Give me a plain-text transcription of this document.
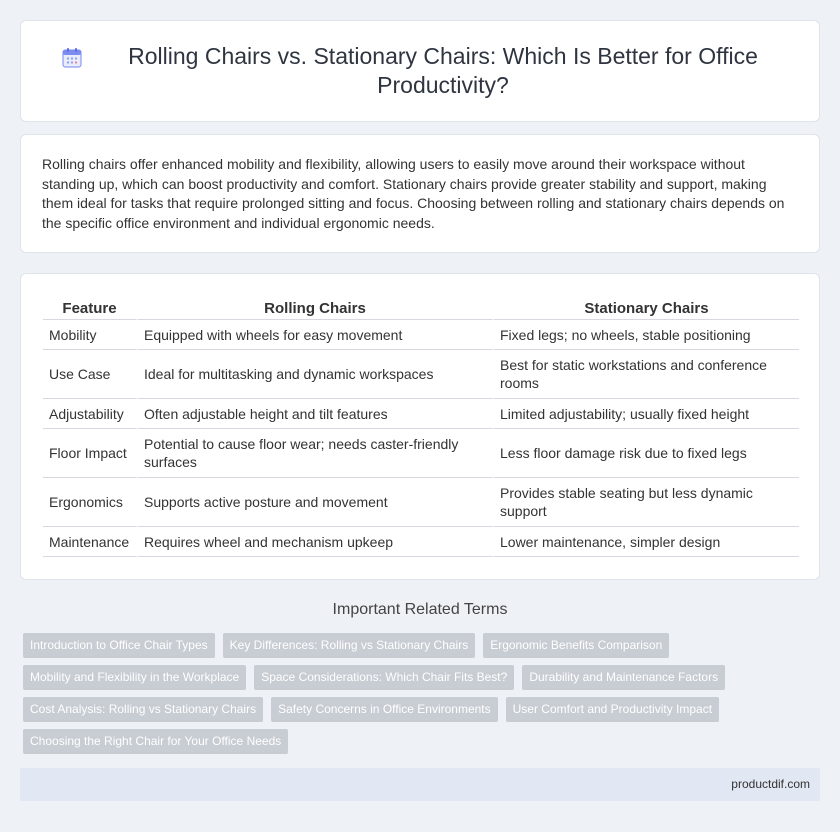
Rolling Chairs vs. Stationary Chairs: Which Is Better for Office Productivity?

Rolling chairs offer enhanced mobility and flexibility, allowing users to easily move around their workspace without standing up, which can boost productivity and comfort. Stationary chairs provide greater stability and support, making them ideal for tasks that require prolonged sitting and focus. Choosing between rolling and stationary chairs depends on the specific office environment and individual ergonomic needs.

Feature	Rolling Chairs	Stationary Chairs
Mobility	Equipped with wheels for easy movement	Fixed legs; no wheels, stable positioning
Use Case	Ideal for multitasking and dynamic workspaces	Best for static workstations and conference rooms
Adjustability	Often adjustable height and tilt features	Limited adjustability; usually fixed height
Floor Impact	Potential to cause floor wear; needs caster-friendly surfaces	Less floor damage risk due to fixed legs
Ergonomics	Supports active posture and movement	Provides stable seating but less dynamic support
Maintenance	Requires wheel and mechanism upkeep	Lower maintenance, simpler design
Important Related Terms
Introduction to Office Chair Types	Key Differences: Rolling vs Stationary Chairs	Ergonomic Benefits Comparison
Mobility and Flexibility in the Workplace	Space Considerations: Which Chair Fits Best?	Durability and Maintenance Factors
Cost Analysis: Rolling vs Stationary Chairs	Safety Concerns in Office Environments	User Comfort and Productivity Impact
Choosing the Right Chair for Your Office Needs
productdif.com
